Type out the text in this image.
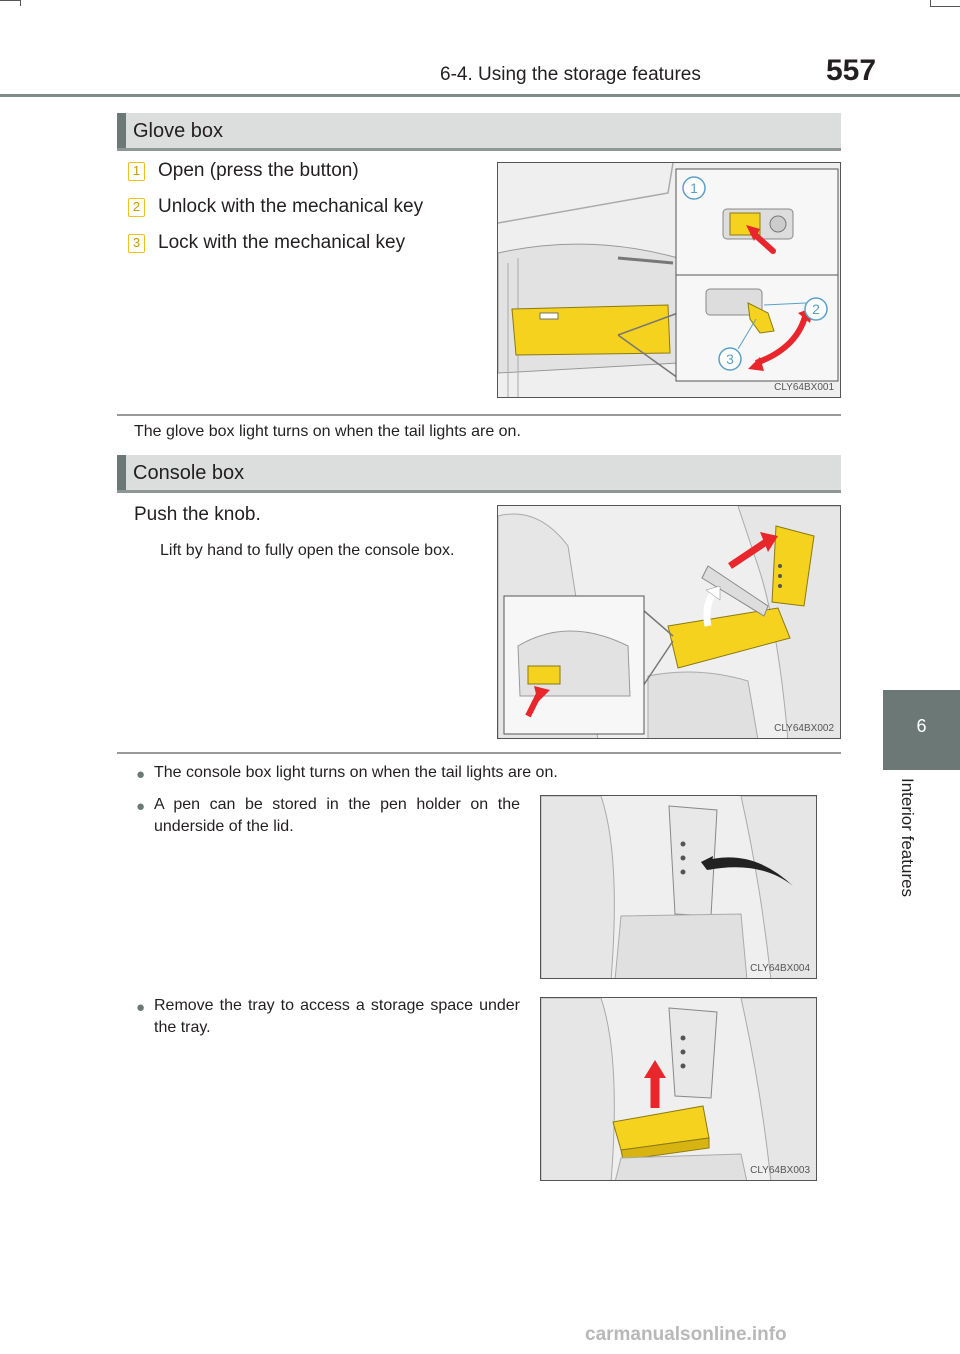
6-4. Using the storage features	557
6
Interior features
Glove box
1 Open (press the button)
2 Unlock with the mechanical key
3 Lock with the mechanical key
1
2
3
CLY64BX001
The glove box light turns on when the tail lights are on.
Console box
Push the knob.
Lift by hand to fully open the console box.
CLY64BX002
● The console box light turns on when the tail lights are on.
● A pen can be stored in the pen holder on the underside of the lid.
CLY64BX004
● Remove the tray to access a storage space under the tray.
CLY64BX003
carmanualsonline.info
